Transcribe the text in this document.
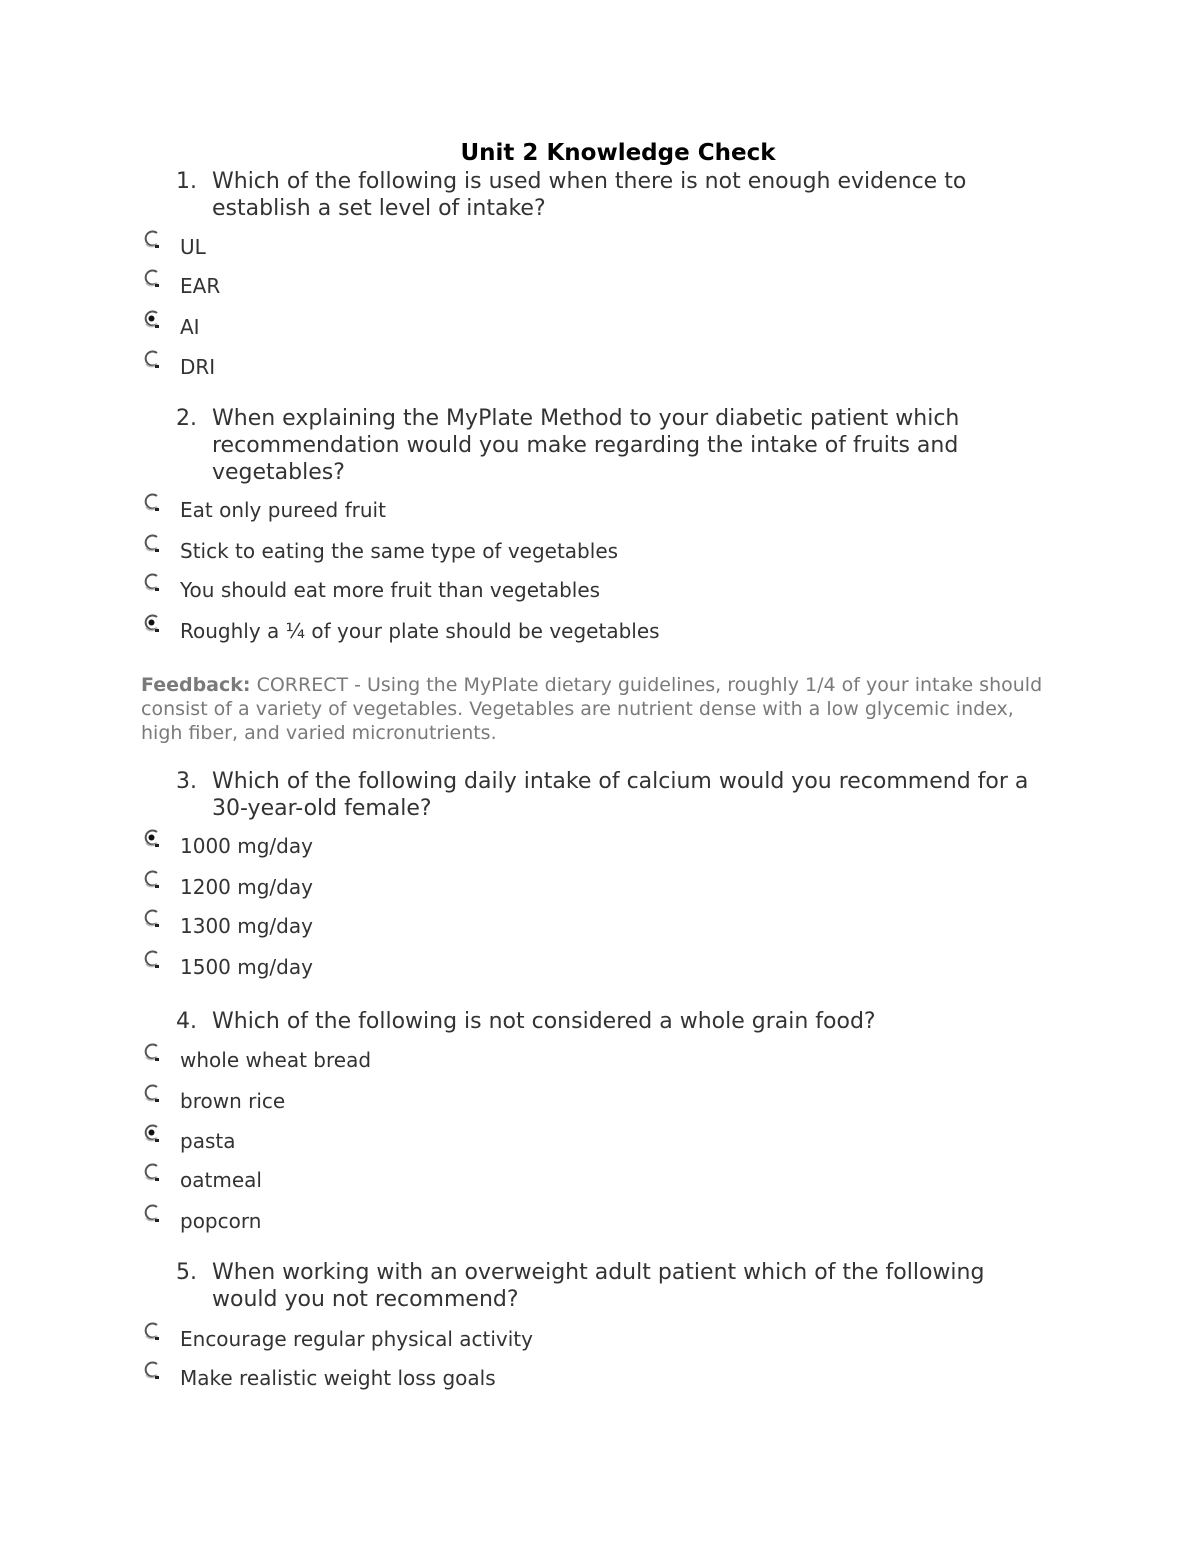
Unit 2 Knowledge Check
1. Which of the following is used when there is not enough evidence to establish a set level of intake?
UL
EAR
AI
DRI
2. When explaining the MyPlate Method to your diabetic patient which recommendation would you make regarding the intake of fruits and vegetables?
Eat only pureed fruit
Stick to eating the same type of vegetables
You should eat more fruit than vegetables
Roughly a ¼ of your plate should be vegetables
Feedback: CORRECT - Using the MyPlate dietary guidelines, roughly 1/4 of your intake should consist of a variety of vegetables. Vegetables are nutrient dense with a low glycemic index, high fiber, and varied micronutrients.
3. Which of the following daily intake of calcium would you recommend for a 30-year-old female?
1000 mg/day
1200 mg/day
1300 mg/day
1500 mg/day
4. Which of the following is not considered a whole grain food?
whole wheat bread
brown rice
pasta
oatmeal
popcorn
5. When working with an overweight adult patient which of the following would you not recommend?
Encourage regular physical activity
Make realistic weight loss goals
